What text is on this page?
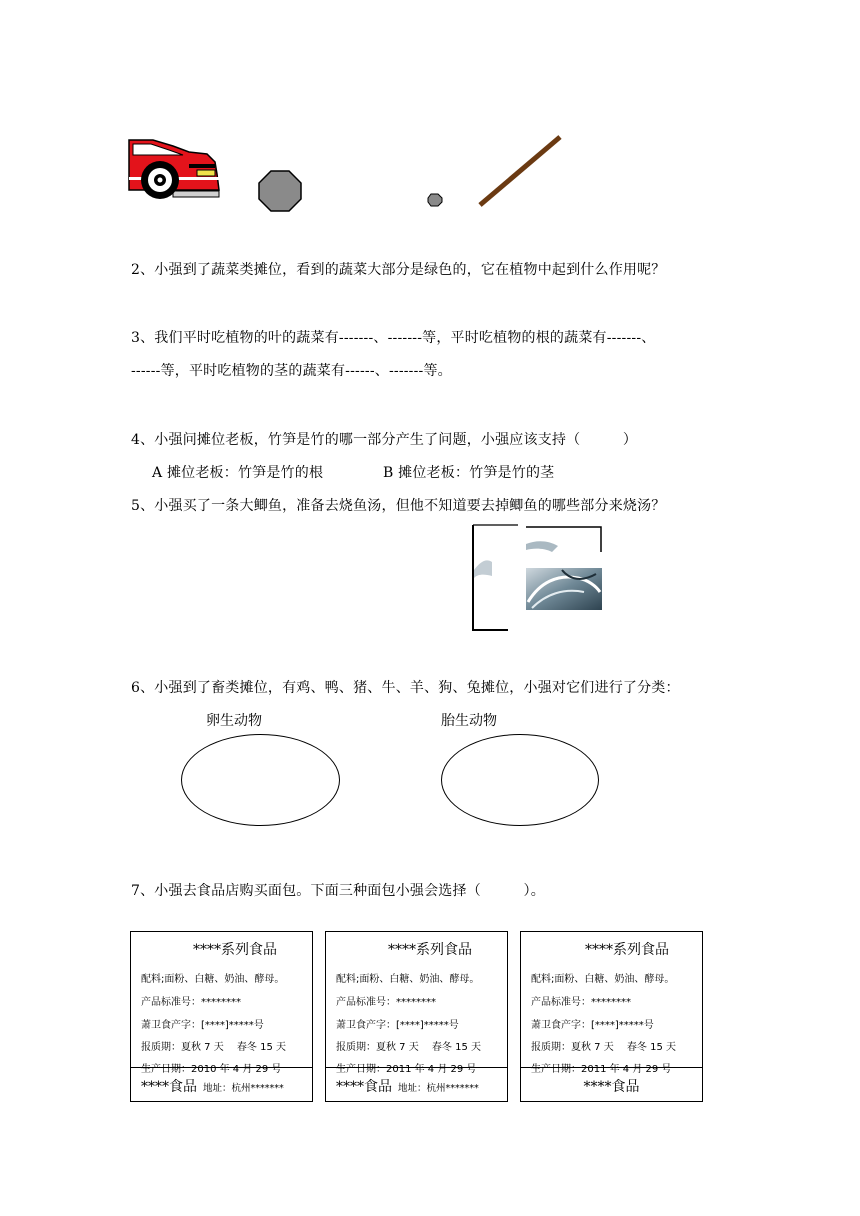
2、小强到了蔬菜类摊位，看到的蔬菜大部分是绿色的，它在植物中起到什么作用呢？
3、我们平时吃植物的叶的蔬菜有-------、-------等，平时吃植物的根的蔬菜有-------、
------等，平时吃植物的茎的蔬菜有------、-------等。
4、小强问摊位老板，竹笋是竹的哪一部分产生了问题，小强应该支持（　　　）
A 摊位老板：竹笋是竹的根	B 摊位老板：竹笋是竹的茎
5、小强买了一条大鲫鱼，准备去烧鱼汤，但他不知道要去掉鲫鱼的哪些部分来烧汤？
6、小强到了畜类摊位，有鸡、鸭、猪、牛、羊、狗、兔摊位，小强对它们进行了分类：
卵生动物	胎生动物
7、小强去食品店购买面包。下面三种面包小强会选择（　　　）。
****系列食品
配料;面粉、白糖、奶油、酵母。
产品标准号：********
萧卫食产字：[****]*****号
报质期：夏秋 7 天　 春冬 15 天
生产日期：2010 年 4 月 29 号
****食品 地址：杭州*******
****系列食品
配料;面粉、白糖、奶油、酵母。
产品标准号：********
萧卫食产字：[****]*****号
报质期：夏秋 7 天　 春冬 15 天
生产日期：2011 年 4 月 29 号
****食品 地址：杭州*******
****系列食品
配料;面粉、白糖、奶油、酵母。
产品标准号：********
萧卫食产字：[****]*****号
报质期：夏秋 7 天　 春冬 15 天
生产日期：2011 年 4 月 29 号
****食品
